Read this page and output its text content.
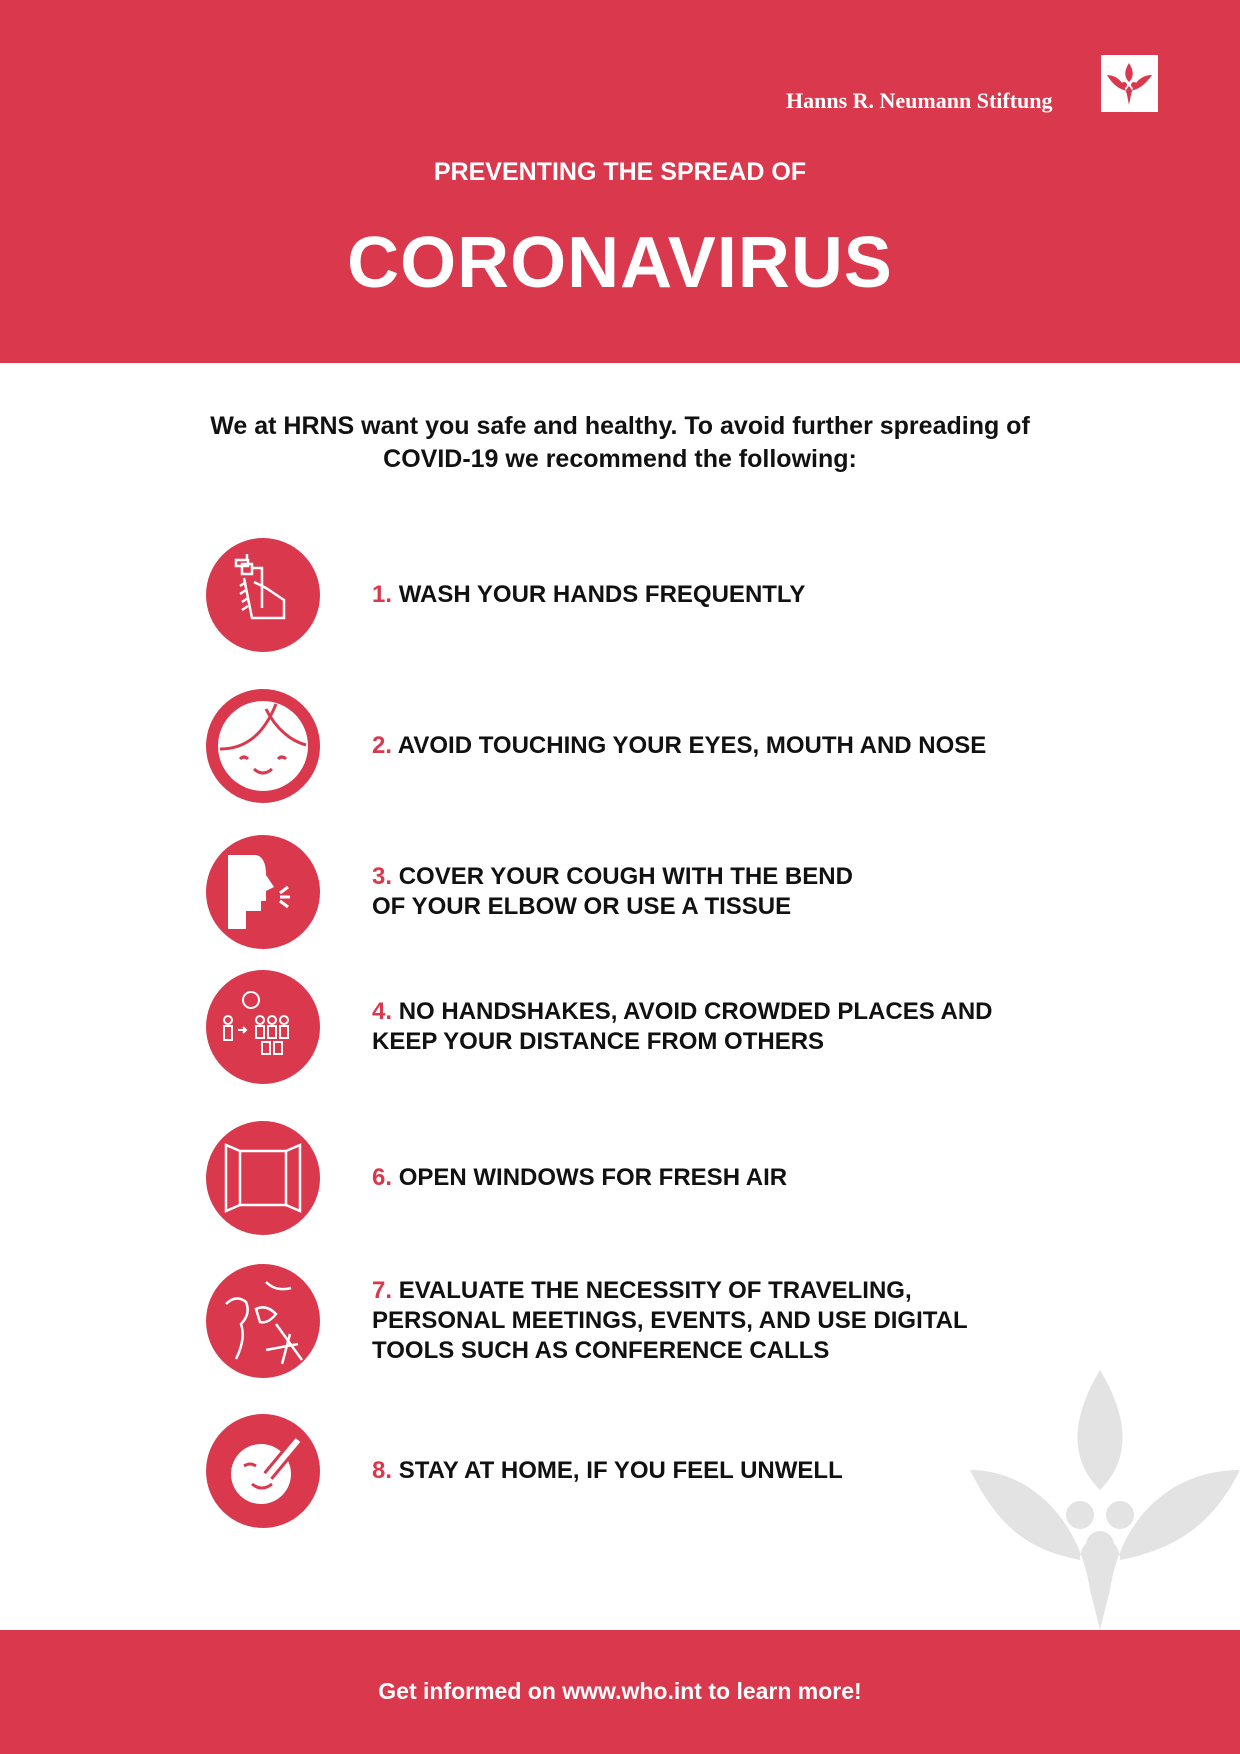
Hanns R. Neumann Stiftung
PREVENTING THE SPREAD OF
CORONAVIRUS
We at HRNS want you safe and healthy. To avoid further spreading of
COVID-19 we recommend the following:
1. WASH YOUR HANDS FREQUENTLY
2. AVOID TOUCHING YOUR EYES, MOUTH AND NOSE
3. COVER YOUR COUGH WITH THE BEND
OF YOUR ELBOW OR USE A TISSUE
4. NO HANDSHAKES, AVOID CROWDED PLACES AND
KEEP YOUR DISTANCE FROM OTHERS
6. OPEN WINDOWS FOR FRESH AIR
7. EVALUATE THE NECESSITY OF TRAVELING,
PERSONAL MEETINGS, EVENTS, AND USE DIGITAL
TOOLS SUCH AS CONFERENCE CALLS
8. STAY AT HOME, IF YOU FEEL UNWELL
Get informed on www.who.int to learn more!
